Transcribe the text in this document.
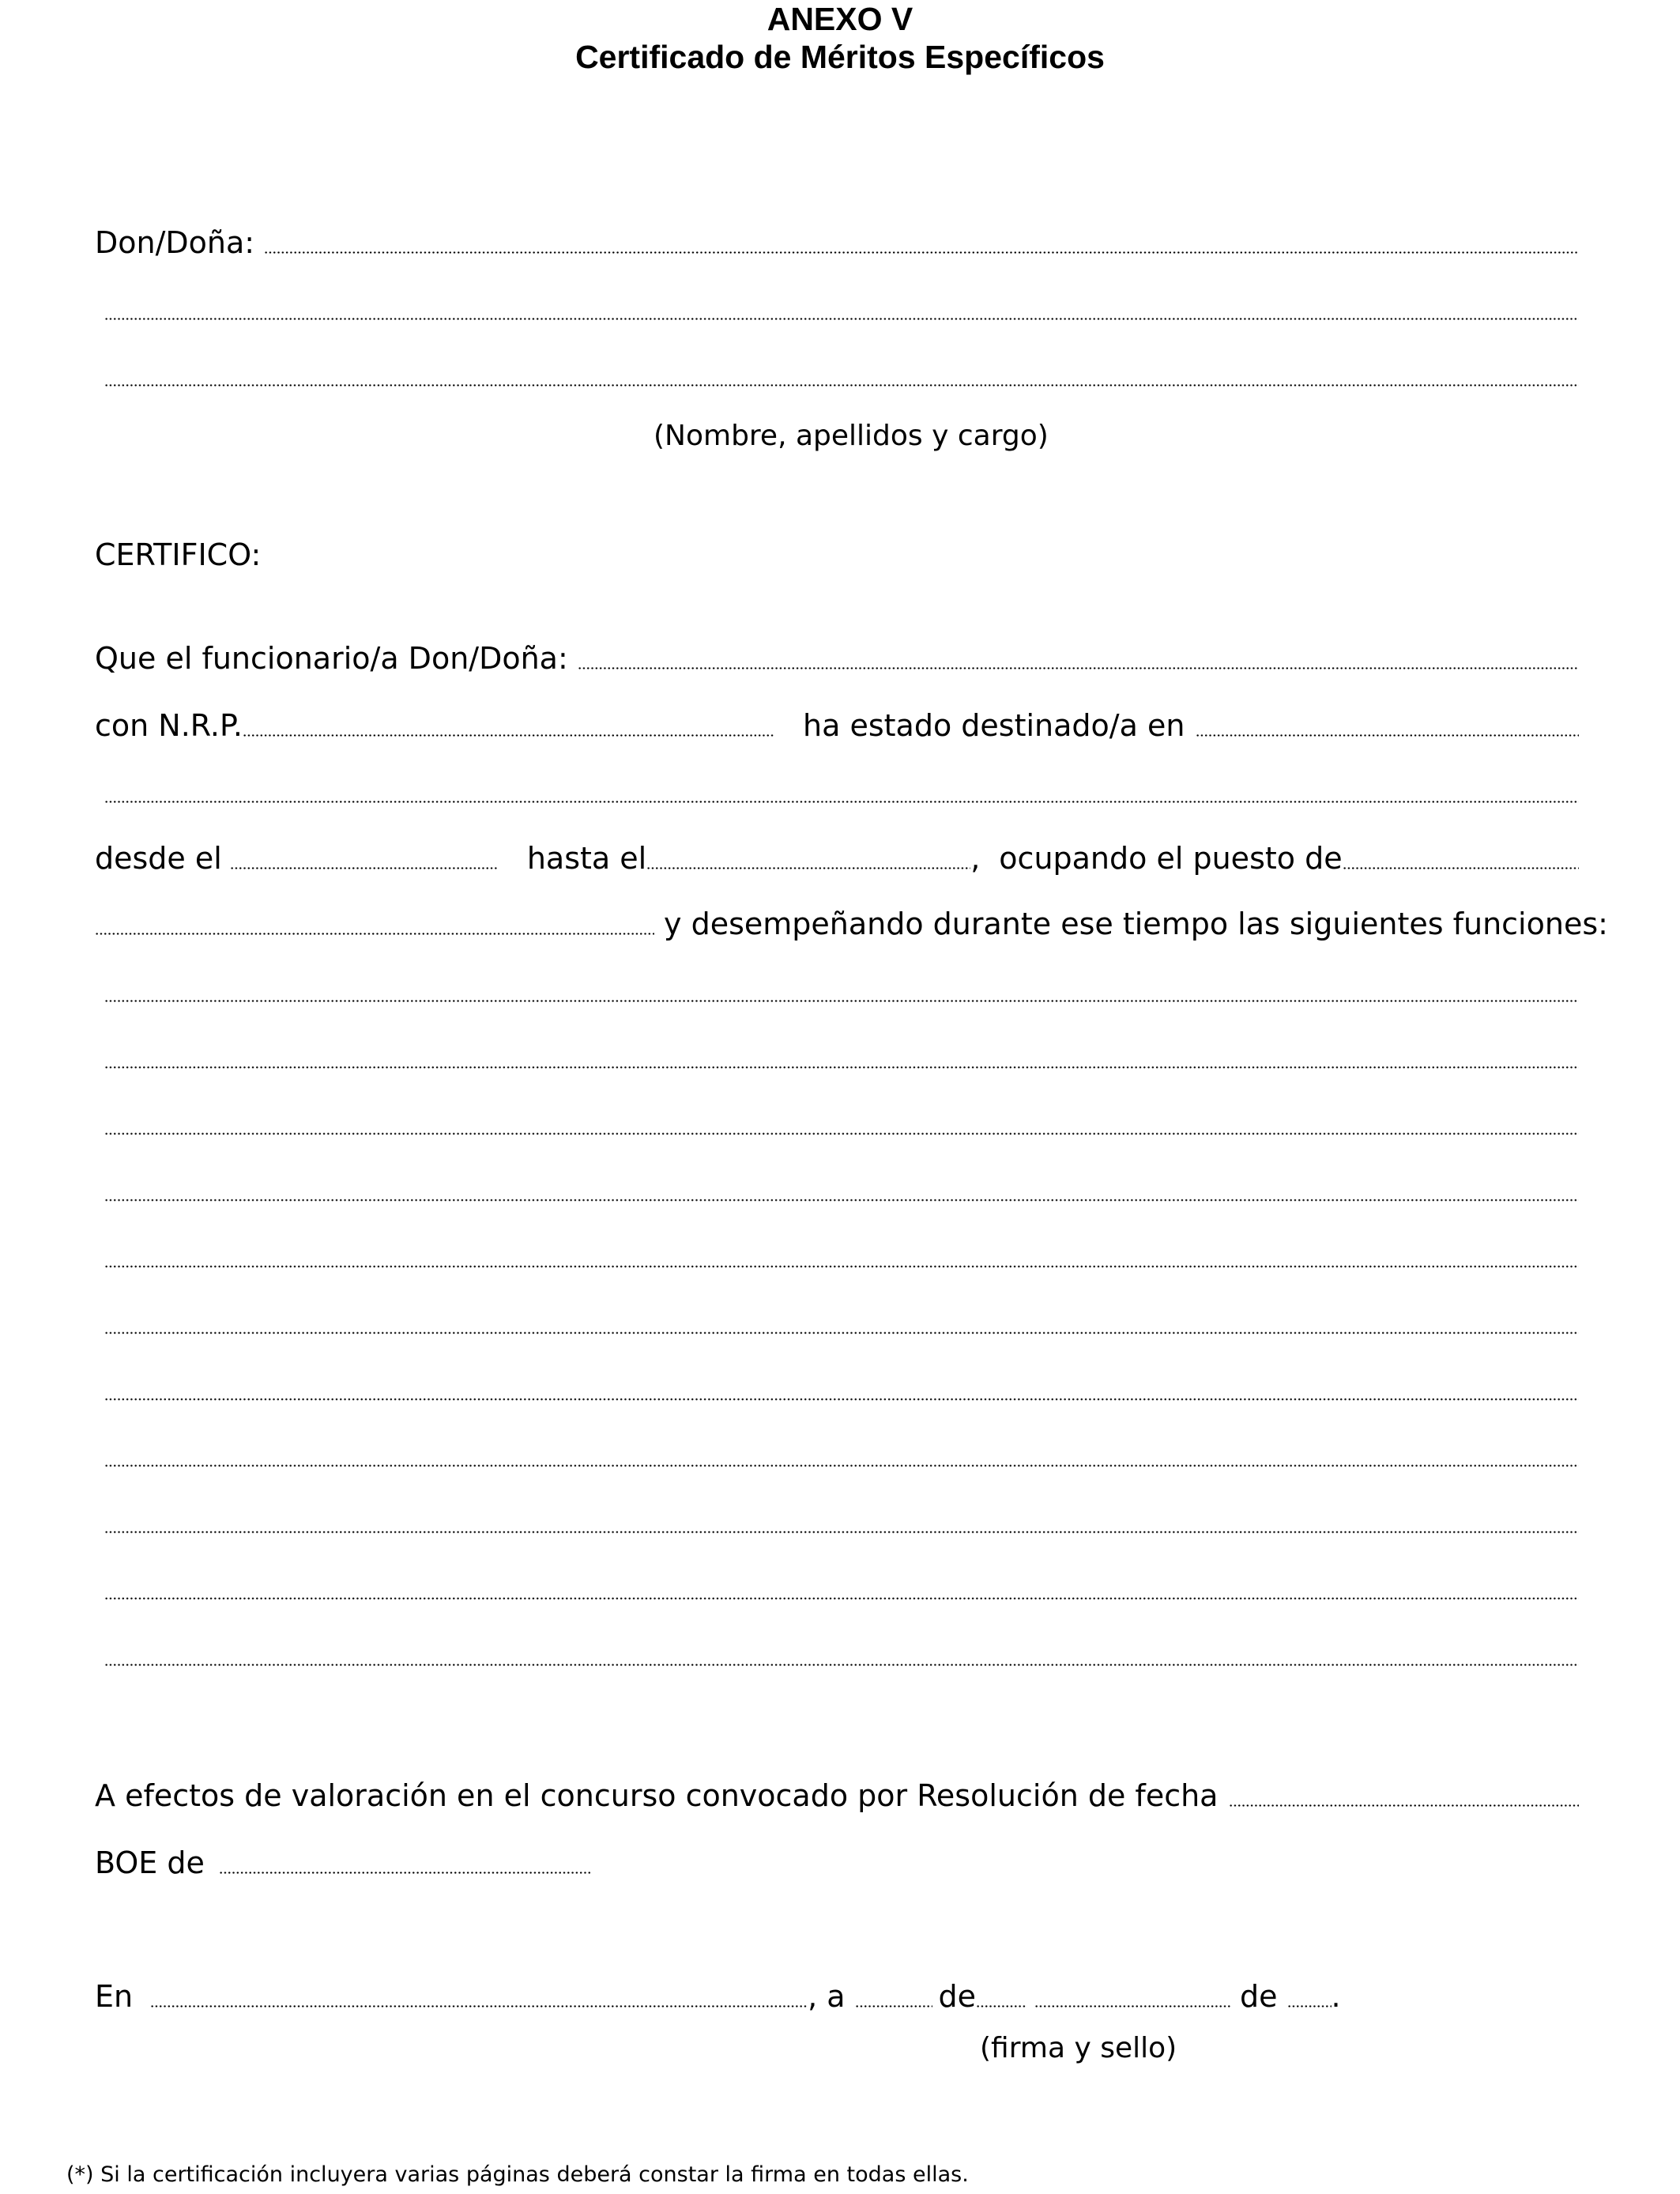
ANEXO V
Certificado de Méritos Específicos
Don/Doña:
(Nombre, apellidos y cargo)
CERTIFICO:
Que el funcionario/a Don/Doña:
con N.R.P.	ha estado destinado/a en
desde el	hasta el	, ocupando el puesto de
y desempeñando durante ese tiempo las siguientes funciones:
A efectos de valoración en el concurso convocado por Resolución de fecha
BOE de
En	, a	de	de .
(firma y sello)
(*) Si la certificación incluyera varias páginas deberá constar la firma en todas ellas.
